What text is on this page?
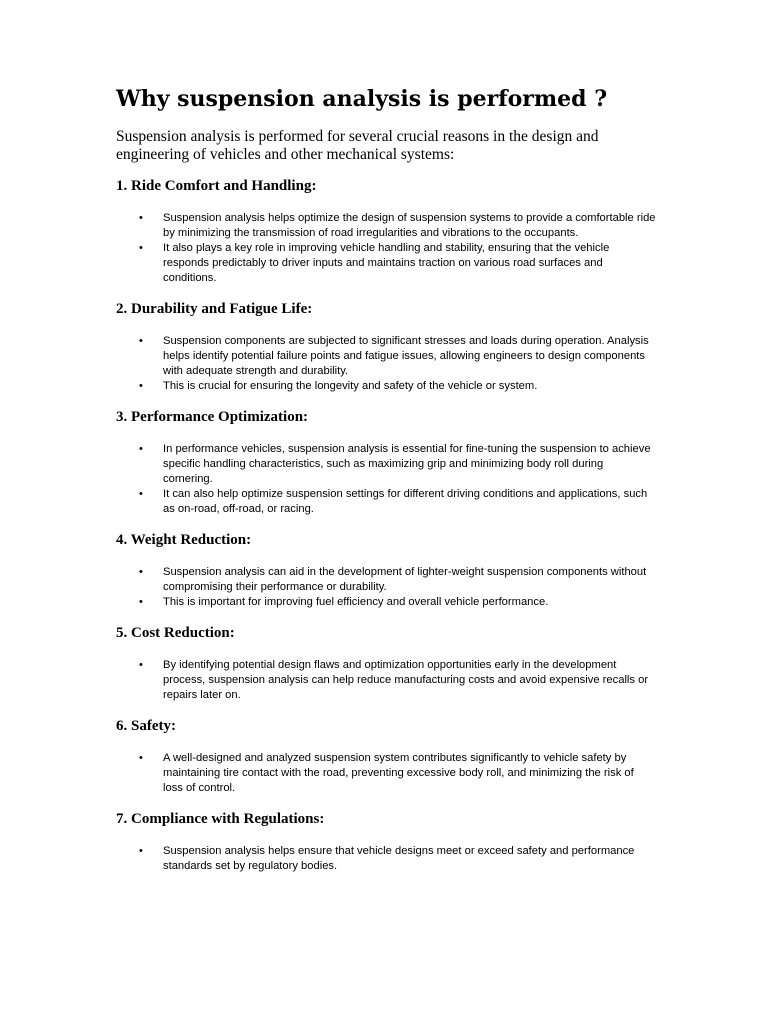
Why suspension analysis is performed ?

Suspension analysis is performed for several crucial reasons in the design and engineering of vehicles and other mechanical systems:

1. Ride Comfort and Handling:
• Suspension analysis helps optimize the design of suspension systems to provide a comfortable ride by minimizing the transmission of road irregularities and vibrations to the occupants.
• It also plays a key role in improving vehicle handling and stability, ensuring that the vehicle responds predictably to driver inputs and maintains traction on various road surfaces and conditions.
2. Durability and Fatigue Life:
• Suspension components are subjected to significant stresses and loads during operation. Analysis helps identify potential failure points and fatigue issues, allowing engineers to design components with adequate strength and durability.
• This is crucial for ensuring the longevity and safety of the vehicle or system.
3. Performance Optimization:
• In performance vehicles, suspension analysis is essential for fine-tuning the suspension to achieve specific handling characteristics, such as maximizing grip and minimizing body roll during cornering.
• It can also help optimize suspension settings for different driving conditions and applications, such as on-road, off-road, or racing.
4. Weight Reduction:
• Suspension analysis can aid in the development of lighter-weight suspension components without compromising their performance or durability.
• This is important for improving fuel efficiency and overall vehicle performance.
5. Cost Reduction:
• By identifying potential design flaws and optimization opportunities early in the development process, suspension analysis can help reduce manufacturing costs and avoid expensive recalls or repairs later on.
6. Safety:
• A well-designed and analyzed suspension system contributes significantly to vehicle safety by maintaining tire contact with the road, preventing excessive body roll, and minimizing the risk of loss of control.
7. Compliance with Regulations:
• Suspension analysis helps ensure that vehicle designs meet or exceed safety and performance standards set by regulatory bodies.
